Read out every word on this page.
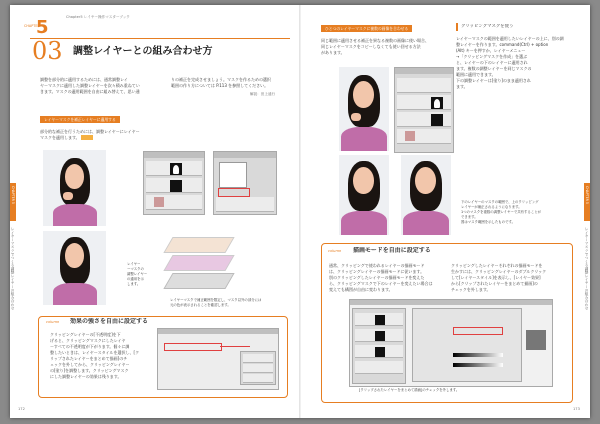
Chapter5 レイヤー操作マスターブック
CHAPTER
5
03 調整レイヤーとの組み合わせ方
調整を部分的に適用するためには、通常調整レイ
ヤーマスクに適用した調整レイヤーを次々積み重ねてい
きます。マスクの適用範囲を自由に組み替えて、思い通
りの補正を完成させましょう。マスクを作るための選択
範囲の作り方については P.113 を参照してください。
解説：田上遥行
レイヤーマスクを補正レイヤーに適用する
部分的な補正を行うためには、調整レイヤーにレイヤー
マスクを適用します。
レイヤー
ーマスクの
調整レイヤー
の適用を示
します。
レイヤーマスクで補正範囲を限定し、マスク以外の部分には
元の色が表示されることを確認します。
column 効果の強さを自由に設定する
クリッピングレイヤーの[不透明度]を下
げると、クリッピングマスクにしたレイヤ
ーすべての不透明度が下がります。個々に調
整したいときは、レイヤースタイルを選択し、[ク
リップされたレイヤーをまとめて描画]のチ
ェックを外してから、クリッピングレイヤー
の[塗り]を調整します。クリッピングマスク
にした調整レイヤーの効果は残ります。
CHAPTER 5
レイヤーマスクでつくる調整レイヤーの組み合わせ
172
ひとつのレイヤーマスクに複数の画像を合わせる
同じ範囲に適用させる補正を異なる複数の画像に使い場合、
同じレイヤーマスクをコピーしなくても使い回せる方法
があります。
クリッピングマスクを使う
レイヤーマスクの範囲を適用したいレイヤーの上に、別の調
整レイヤーを作ります。command(Ctrl) + option
(Alt) キーを押すか、レイヤーメニュー
→「クリッピングマスクを作成」を選ぶ
と、レイヤーの下のレイヤーに適用され
ます。複数の調整レイヤーを同じマスクの
範囲に適用できます。
下の調整レイヤーは[塗り]のまま適用され
ます。
下のレイヤーのマスクの範囲で、上のクリッピング
レイヤーが補正されるようになります。
1つのマスクを複数の調整レイヤーで共有することが
できます。
図はマスク範囲を示したものです。
column 描画モードを自由に設定する
通常、クリッピングで使われるレイヤーの描画モード
は、クリッピングレイヤーの描画モードに従います。
別のクリッピングしたレイヤーの描画モードを変えた
ら、クリッピングマスクで下のレイヤーを変えたい場合は
変えても構図が自由に変わります。
クリッピングしたレイヤーそれぞれの描画モードを
生かすには、クリッピングレイヤーのダブルクリック
して[レイヤースタイル]を表示し、[レイヤー効果]
から[クリップされたレイヤーをまとめて描画]の
チェックを外します。
[クリップされたレイヤーをまとめて描画]のチェックを外します。
CHAPTER 5
レイヤーマスクでつくる調整レイヤーの組み合わせ
173
